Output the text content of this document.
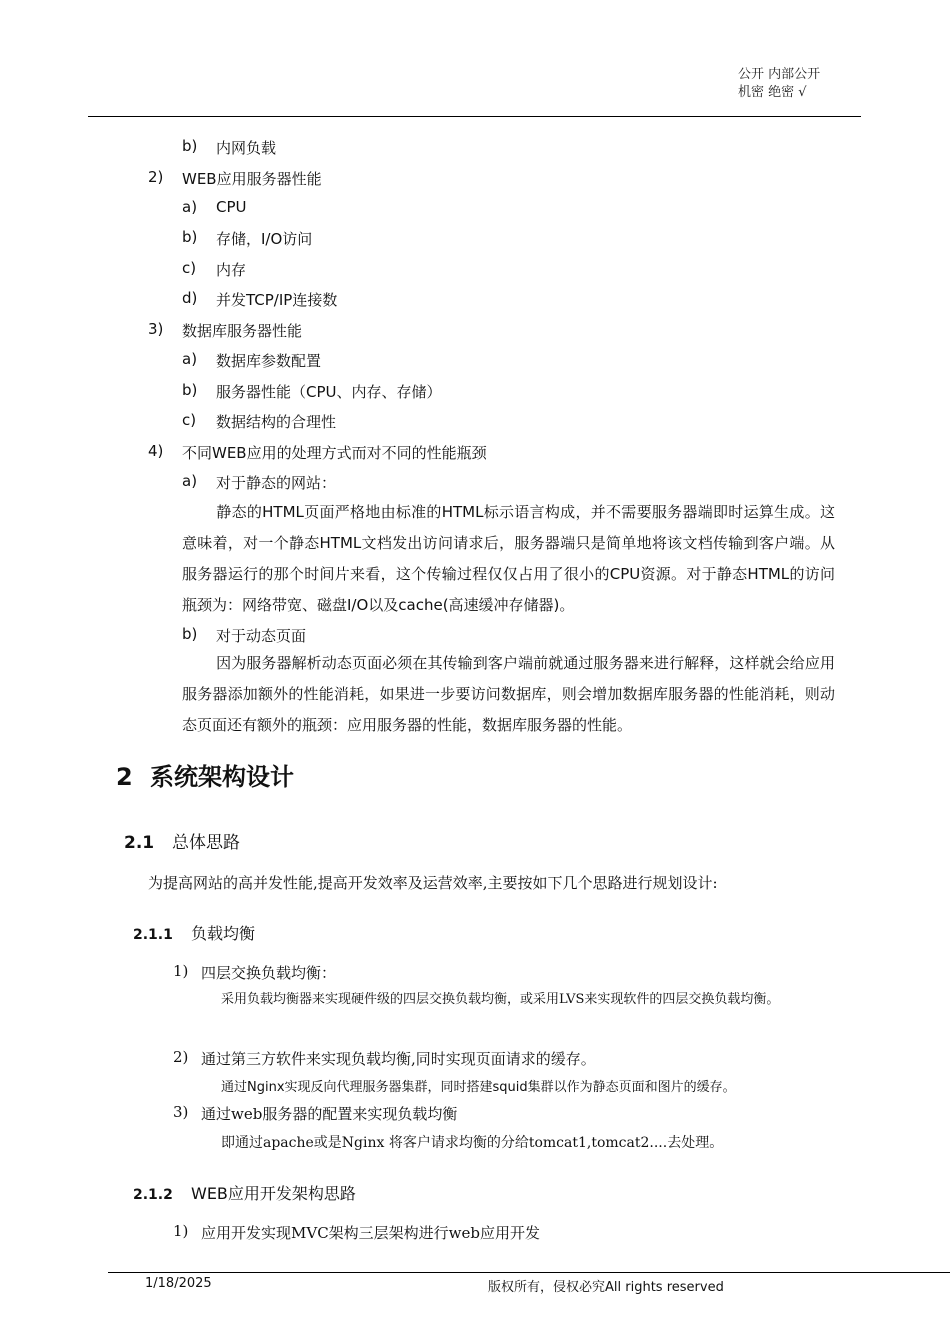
公开 内部公开
机密 绝密 √
b) 内网负载
2) WEB应用服务器性能
a) CPU
b) 存储，I/O访问
c) 内存
d) 并发TCP/IP连接数
3) 数据库服务器性能
a) 数据库参数配置
b) 服务器性能（CPU、内存、存储）
c) 数据结构的合理性
4) 不同WEB应用的处理方式而对不同的性能瓶颈
a) 对于静态的网站：
静态的HTML页面严格地由标准的HTML标示语言构成，并不需要服务器端即时运算生成。这意味着，对一个静态HTML文档发出访问请求后，服务器端只是简单地将该文档传输到客户端。从服务器运行的那个时间片来看，这个传输过程仅仅占用了很小的CPU资源。对于静态HTML的访问瓶颈为：网络带宽、磁盘I/O以及cache(高速缓冲存储器)。
b) 对于动态页面
因为服务器解析动态页面必须在其传输到客户端前就通过服务器来进行解释，这样就会给应用服务器添加额外的性能消耗，如果进一步要访问数据库，则会增加数据库服务器的性能消耗，则动态页面还有额外的瓶颈：应用服务器的性能，数据库服务器的性能。
2 系统架构设计
2.1 总体思路
为提高网站的高并发性能,提高开发效率及运营效率,主要按如下几个思路进行规划设计:
2.1.1 负载均衡
1) 四层交换负载均衡：
采用负载均衡器来实现硬件级的四层交换负载均衡，或采用LVS来实现软件的四层交换负载均衡。
2) 通过第三方软件来实现负载均衡,同时实现页面请求的缓存。
通过Nginx实现反向代理服务器集群，同时搭建squid集群以作为静态页面和图片的缓存。
3) 通过web服务器的配置来实现负载均衡
即通过apache或是Nginx 将客户请求均衡的分给tomcat1,tomcat2....去处理。
2.1.2 WEB应用开发架构思路
1) 应用开发实现MVC架构三层架构进行web应用开发
1/18/2025	版权所有，侵权必究All rights reserved
